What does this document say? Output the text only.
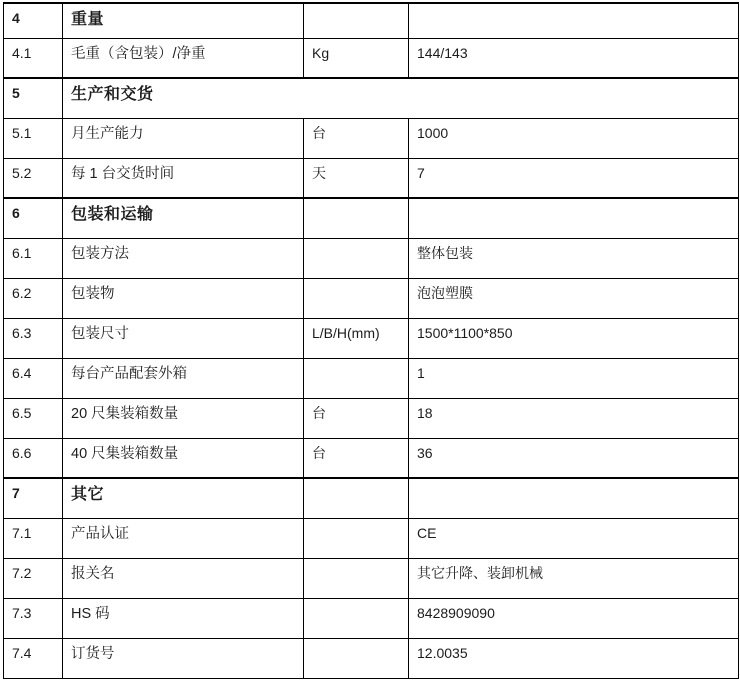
4	重量		
4.1	毛重（含包装）/净重	Kg	144/143
5	生产和交货		
5.1	月生产能力	台	1000
5.2	每 1 台交货时间	天	7
6	包装和运输		
6.1	包装方法		整体包装
6.2	包装物		泡泡塑膜
6.3	包装尺寸	L/B/H(mm)	1500*1100*850
6.4	每台产品配套外箱		1
6.5	20 尺集装箱数量	台	18
6.6	40 尺集装箱数量	台	36
7	其它		
7.1	产品认证		CE
7.2	报关名		其它升降、装卸机械
7.3	HS 码		8428909090
7.4	订货号		12.0035
